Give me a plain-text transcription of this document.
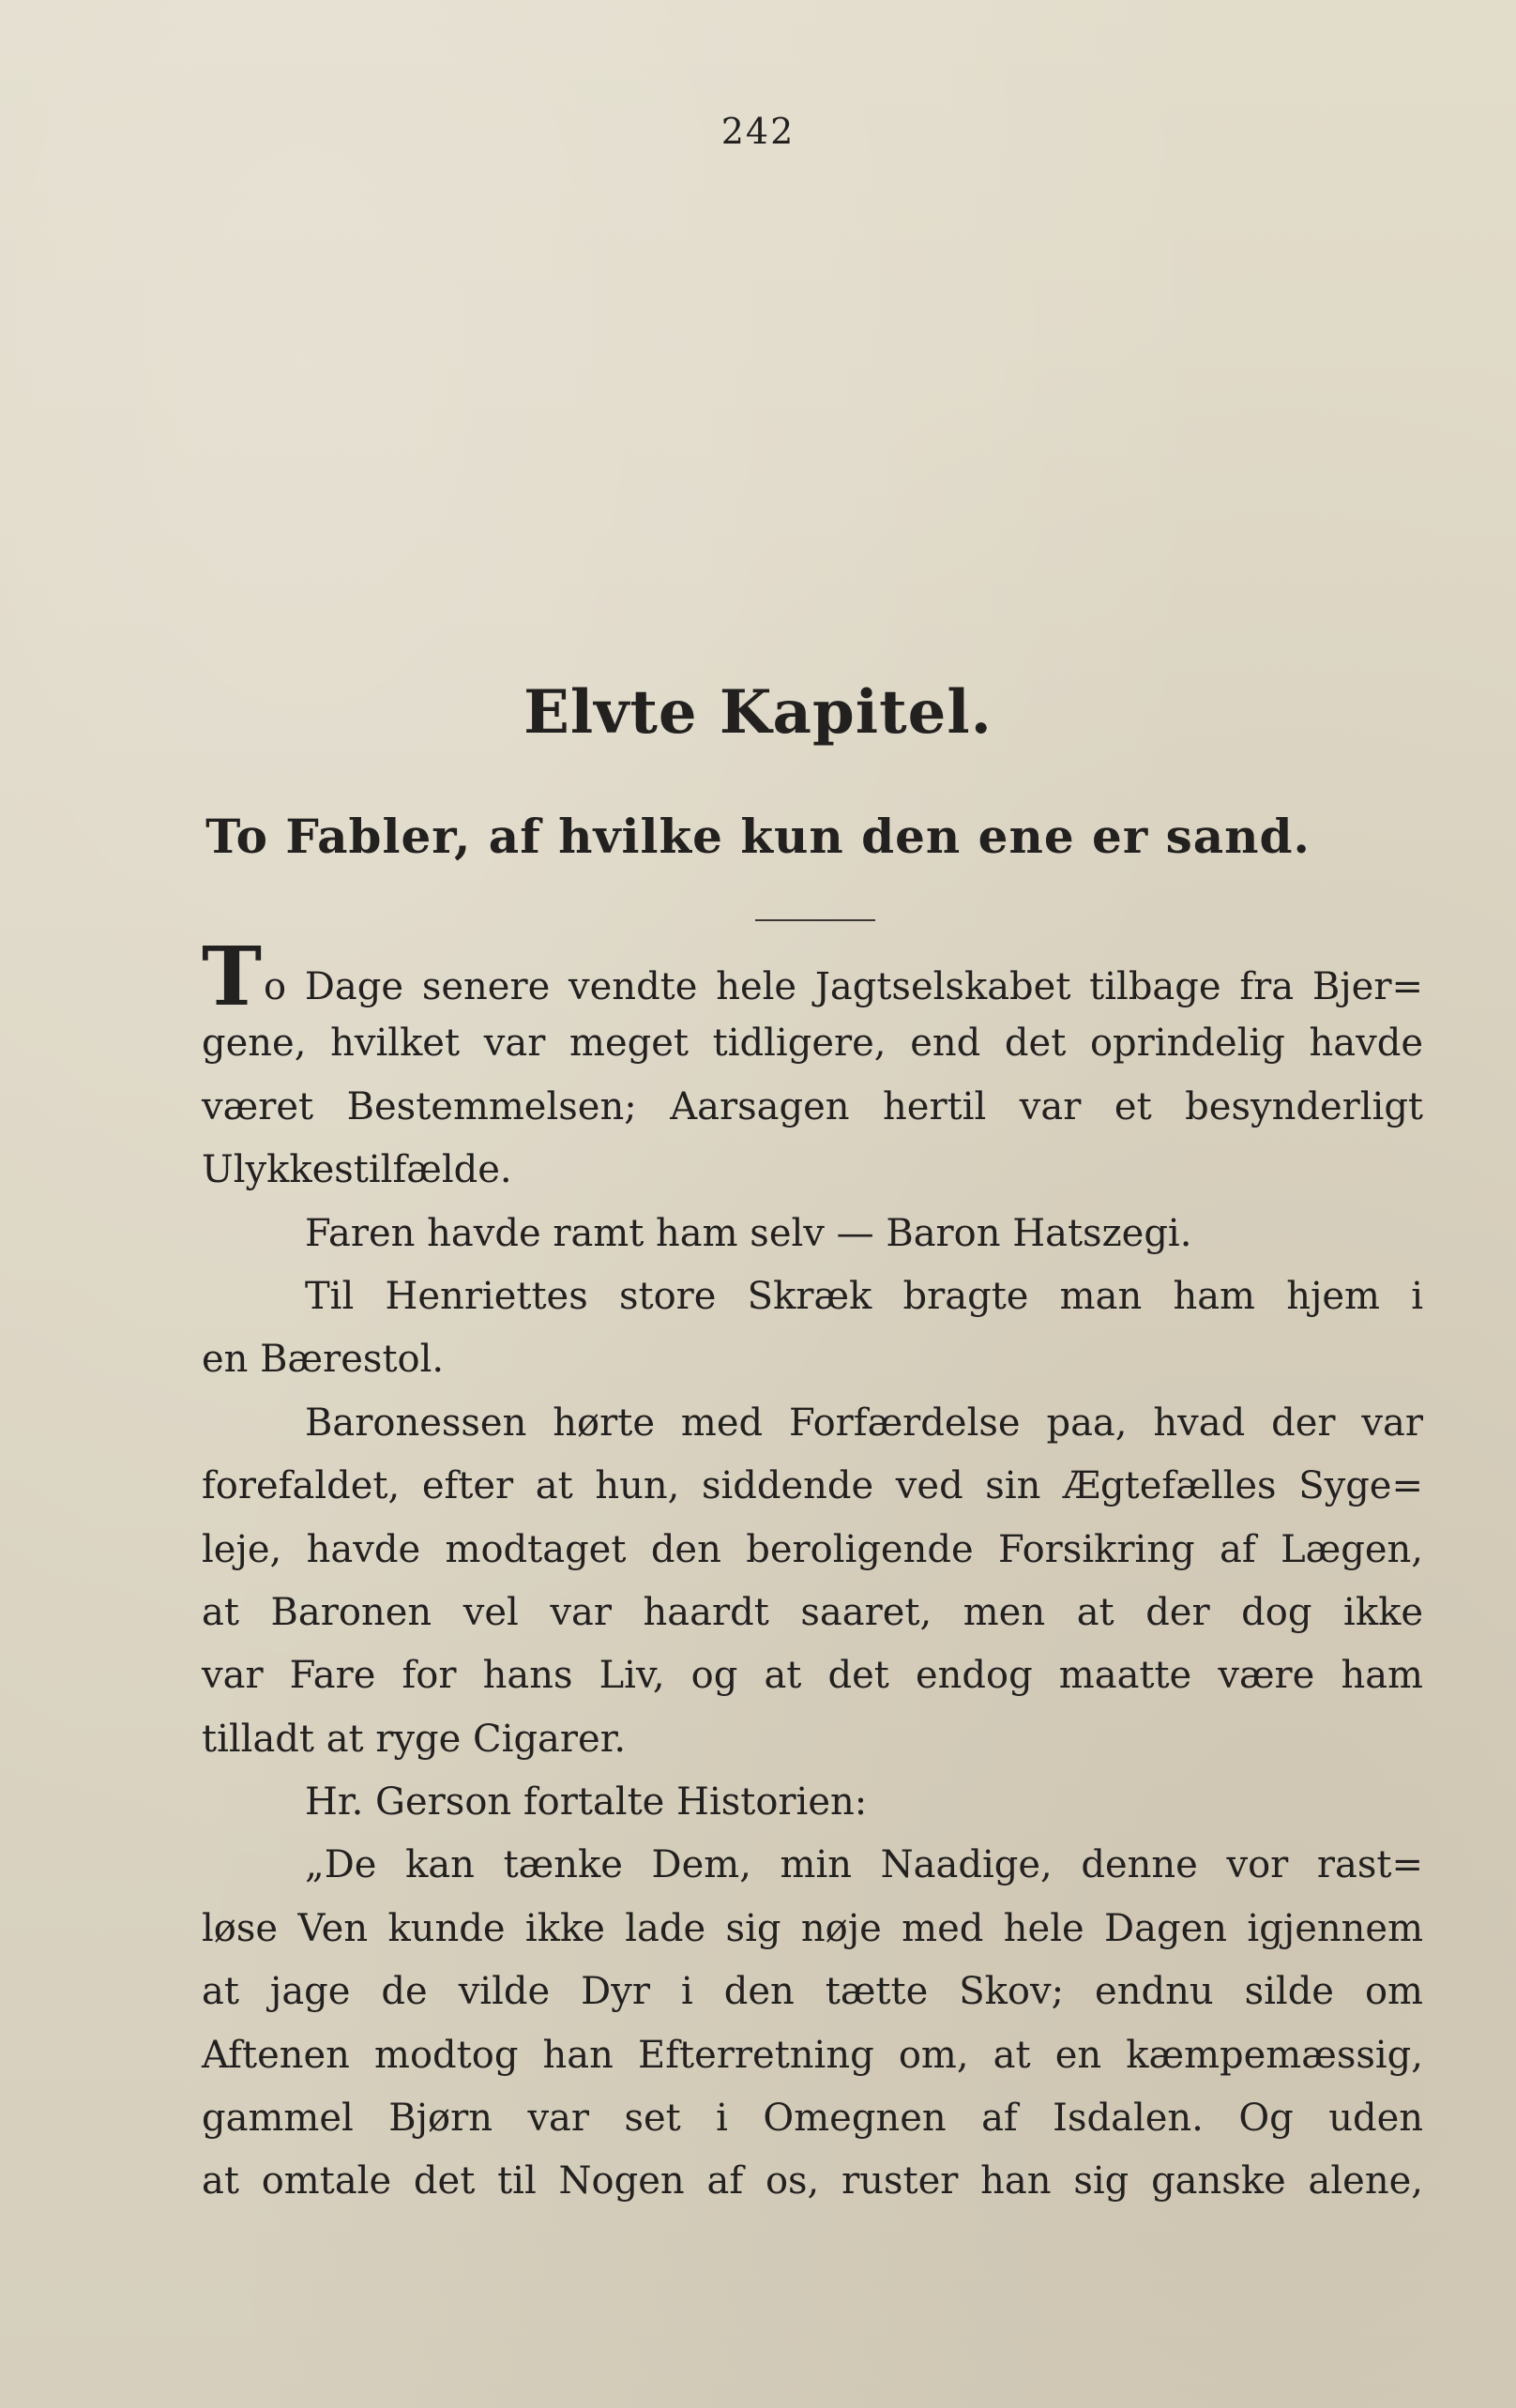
242
Elvte Kapitel.
To Fabler, af hvilke kun den ene er sand.
To Dage senere vendte hele Jagtselskabet tilbage fra Bjer=
gene, hvilket var meget tidligere, end det oprindelig havde
været Bestemmelsen; Aarsagen hertil var et besynderligt
Ulykkestilfælde.
Faren havde ramt ham selv — Baron Hatszegi.
Til Henriettes store Skræk bragte man ham hjem i
en Bærestol.
Baronessen hørte med Forfærdelse paa, hvad der var
forefaldet, efter at hun, siddende ved sin Ægtefælles Syge=
leje, havde modtaget den beroligende Forsikring af Lægen,
at Baronen vel var haardt saaret, men at der dog ikke
var Fare for hans Liv, og at det endog maatte være ham
tilladt at ryge Cigarer.
Hr. Gerson fortalte Historien:
„De kan tænke Dem, min Naadige, denne vor rast=
løse Ven kunde ikke lade sig nøje med hele Dagen igjennem
at jage de vilde Dyr i den tætte Skov; endnu silde om
Aftenen modtog han Efterretning om, at en kæmpemæssig,
gammel Bjørn var set i Omegnen af Isdalen. Og uden
at omtale det til Nogen af os, ruster han sig ganske alene,
